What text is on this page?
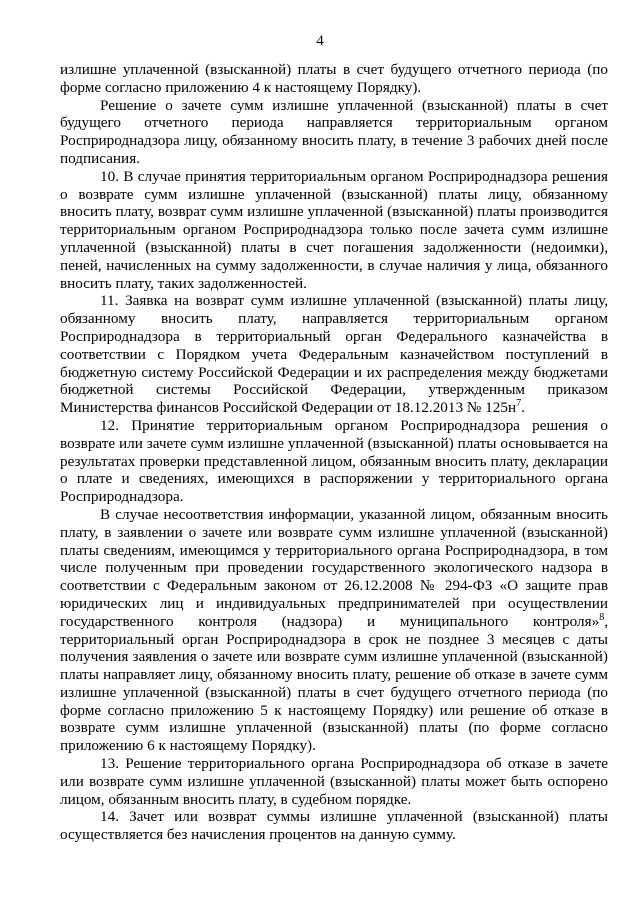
4

излишне уплаченной (взысканной) платы в счет будущего отчетного периода (по форме согласно приложению 4 к настоящему Порядку).

Решение о зачете сумм излишне уплаченной (взысканной) платы в счет будущего отчетного периода направляется территориальным органом Росприроднадзора лицу, обязанному вносить плату, в течение 3 рабочих дней после подписания.

10. В случае принятия территориальным органом Росприроднадзора решения о возврате сумм излишне уплаченной (взысканной) платы лицу, обязанному вносить плату, возврат сумм излишне уплаченной (взысканной) платы производится территориальным органом Росприроднадзора только после зачета сумм излишне уплаченной (взысканной) платы в счет погашения задолженности (недоимки), пеней, начисленных на сумму задолженности, в случае наличия у лица, обязанного вносить плату, таких задолженностей.

11. Заявка на возврат сумм излишне уплаченной (взысканной) платы лицу, обязанному вносить плату, направляется территориальным органом Росприроднадзора в территориальный орган Федерального казначейства в соответствии с Порядком учета Федеральным казначейством поступлений в бюджетную систему Российской Федерации и их распределения между бюджетами бюджетной системы Российской Федерации, утвержденным приказом Министерства финансов Российской Федерации от 18.12.2013 № $125н^7$.

12. Принятие территориальным органом Росприроднадзора решения о возврате или зачете сумм излишне уплаченной (взысканной) платы основывается на результатах проверки представленной лицом, обязанным вносить плату, декларации о плате и сведениях, имеющихся в распоряжении у территориального органа Росприроднадзора.

В случае несоответствия информации, указанной лицом, обязанным вносить плату, в заявлении о зачете или возврате сумм излишне уплаченной (взысканной) платы сведениям, имеющимся у территориального органа Росприроднадзора, в том числе полученным при проведении государственного экологического надзора в соответствии с Федеральным законом от 26.12.2008 № 294-ФЗ «О защите прав юридических лиц и индивидуальных предпринимателей при осуществлении государственного контроля (надзора) и муниципального контроля»$^8$, территориальный орган Росприроднадзора в срок не позднее 3 месяцев с даты получения заявления о зачете или возврате сумм излишне уплаченной (взысканной) платы направляет лицу, обязанному вносить плату, решение об отказе в зачете сумм излишне уплаченной (взысканной) платы в счет будущего отчетного периода (по форме согласно приложению 5 к настоящему Порядку) или решение об отказе в возврате сумм излишне уплаченной (взысканной) платы (по форме согласно приложению 6 к настоящему Порядку).

13. Решение территориального органа Росприроднадзора об отказе в зачете или возврате сумм излишне уплаченной (взысканной) платы может быть оспорено лицом, обязанным вносить плату, в судебном порядке.

14. Зачет или возврат суммы излишне уплаченной (взысканной) платы осуществляется без начисления процентов на данную сумму.
